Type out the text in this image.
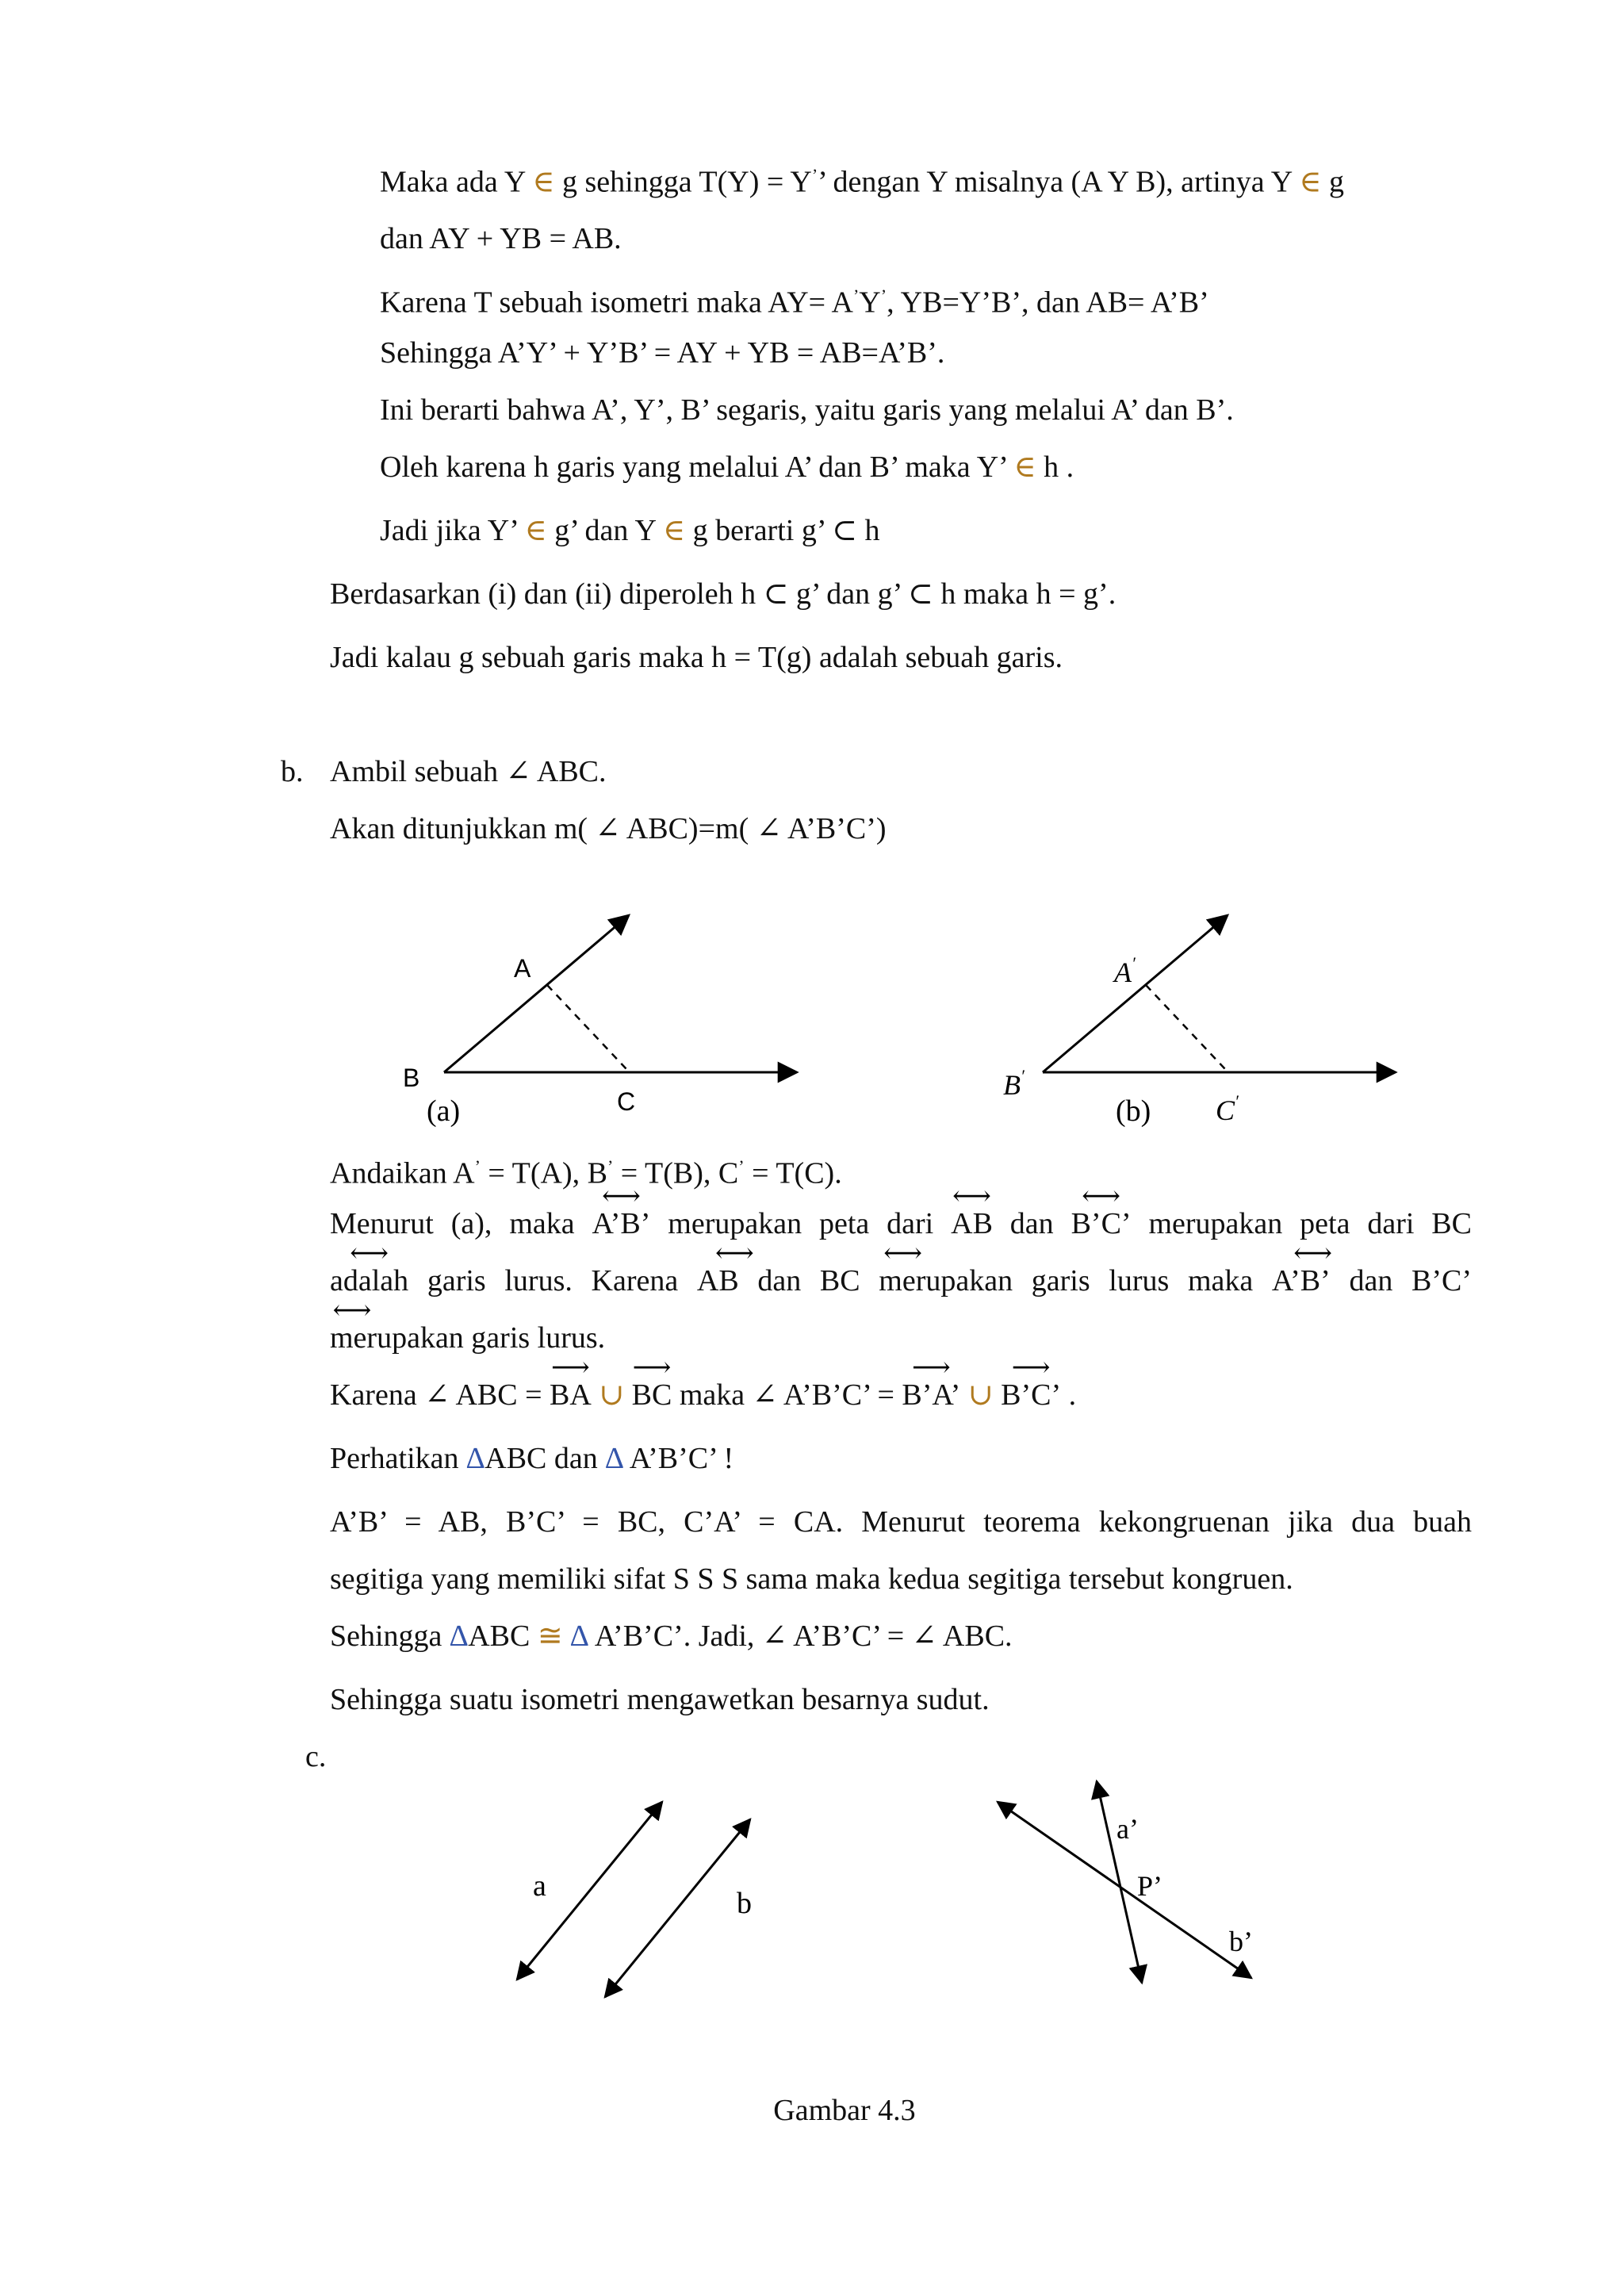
Maka ada Y ∈ g sehingga T(Y) = Y’’ dengan Y misalnya (A Y B), artinya Y ∈ g
dan AY + YB = AB.
Karena T sebuah isometri maka AY= A’Y’, YB=Y’B’, dan AB= A’B’
Sehingga A’Y’ + Y’B’ = AY + YB = AB=A’B’.
Ini berarti bahwa A’, Y’, B’ segaris, yaitu garis yang melalui A’ dan B’.
Oleh karena h garis yang melalui A’ dan B’ maka Y’ ∈ h .
Jadi jika Y’ ∈ g’ dan Y ∈ g berarti g’ ⊂ h
Berdasarkan (i) dan (ii) diperoleh h ⊂ g’ dan g’ ⊂ h maka h = g’.
Jadi kalau g sebuah garis maka h = T(g) adalah sebuah garis.
b. Ambil sebuah ∠ ABC.
Akan ditunjukkan m( ∠ ABC)=m( ∠ A’B’C’)
A
B
C
(a)
A′
B′
C′
(b)
Andaikan A’ = T(A), B’ = T(B), C’ = T(C).
Menurut (a), maka
⟷
A’B’ merupakan peta dari
⟷
AB dan
⟷
B’C’ merupakan peta dari BC
⟷
adalah garis lurus. Karena
⟷
AB dan BC
⟷
merupakan garis lurus maka
⟷
A’B’ dan B’C’
⟷
merupakan garis lurus.
Karena ∠ ABC =
⟶
BA ∪
⟶
BC maka ∠ A’B’C’ =
⟶
B’A’ ∪
⟶
B’C’ .
Perhatikan ∆ABC dan ∆ A’B’C’ !
A’B’ = AB, B’C’ = BC, C’A’ = CA. Menurut teorema kekongruenan jika dua buah
segitiga yang memiliki sifat S S S sama maka kedua segitiga tersebut kongruen.
Sehingga ∆ABC ≅ ∆ A’B’C’. Jadi, ∠ A’B’C’ = ∠ ABC.
Sehingga suatu isometri mengawetkan besarnya sudut.
c.
a
b
a’
P’
b’
Gambar 4.3
